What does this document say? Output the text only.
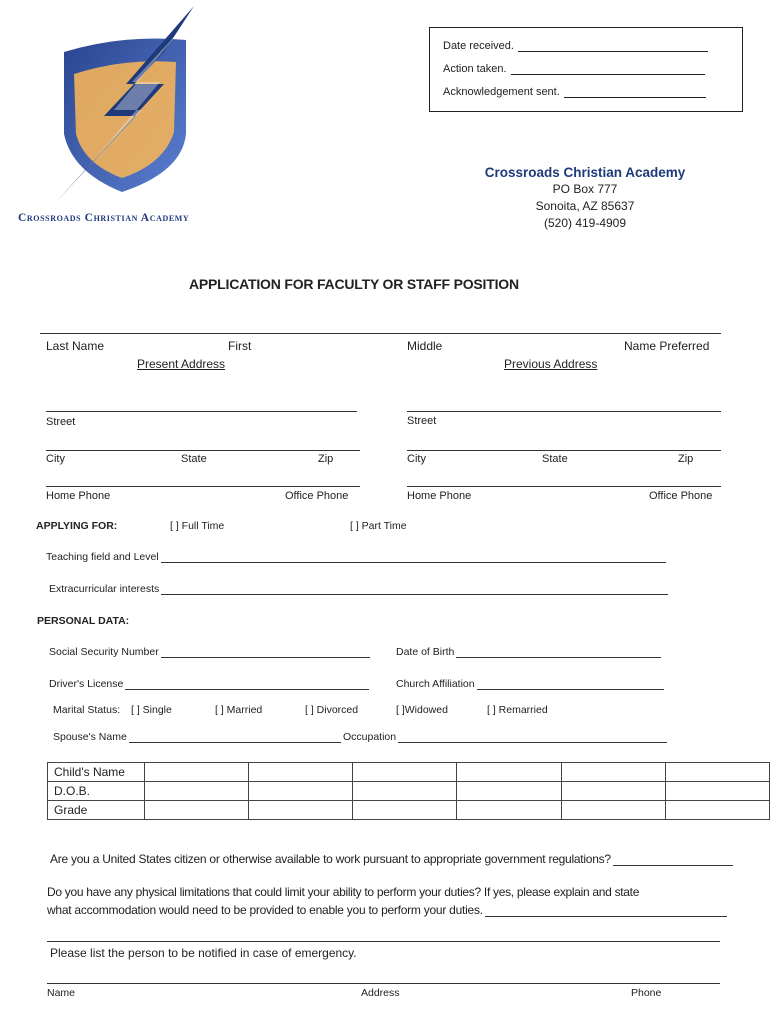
Crossroads Christian Academy
Date received.
Action taken.
Acknowledgement sent.
Crossroads Christian Academy
PO Box 777
Sonoita, AZ 85637
(520) 419-4909
APPLICATION FOR FACULTY OR STAFF POSITION
Last Name	First	Middle	Name Preferred
Present Address	Previous Address
Street
City	State	Zip
Home Phone	Office Phone
Street
City	State	Zip
Home Phone	Office Phone
APPLYING FOR:	[ ] Full Time	[ ] Part Time
Teaching field and Level
Extracurricular interests
PERSONAL DATA:
Social Security Number	Date of Birth
Driver's License	Church Affiliation
Marital Status: [ ] Single	[ ] Married	[ ] Divorced	[ ]Widowed	[ ] Remarried
Spouse's Name	Occupation
Child's Name						
D.O.B.						
Grade						
Are you a United States citizen or otherwise available to work pursuant to appropriate government regulations?
Do you have any physical limitations that could limit your ability to perform your duties? If yes, please explain and state
what accommodation would need to be provided to enable you to perform your duties.
Please list the person to be notified in case of emergency.
Name	Address	Phone
